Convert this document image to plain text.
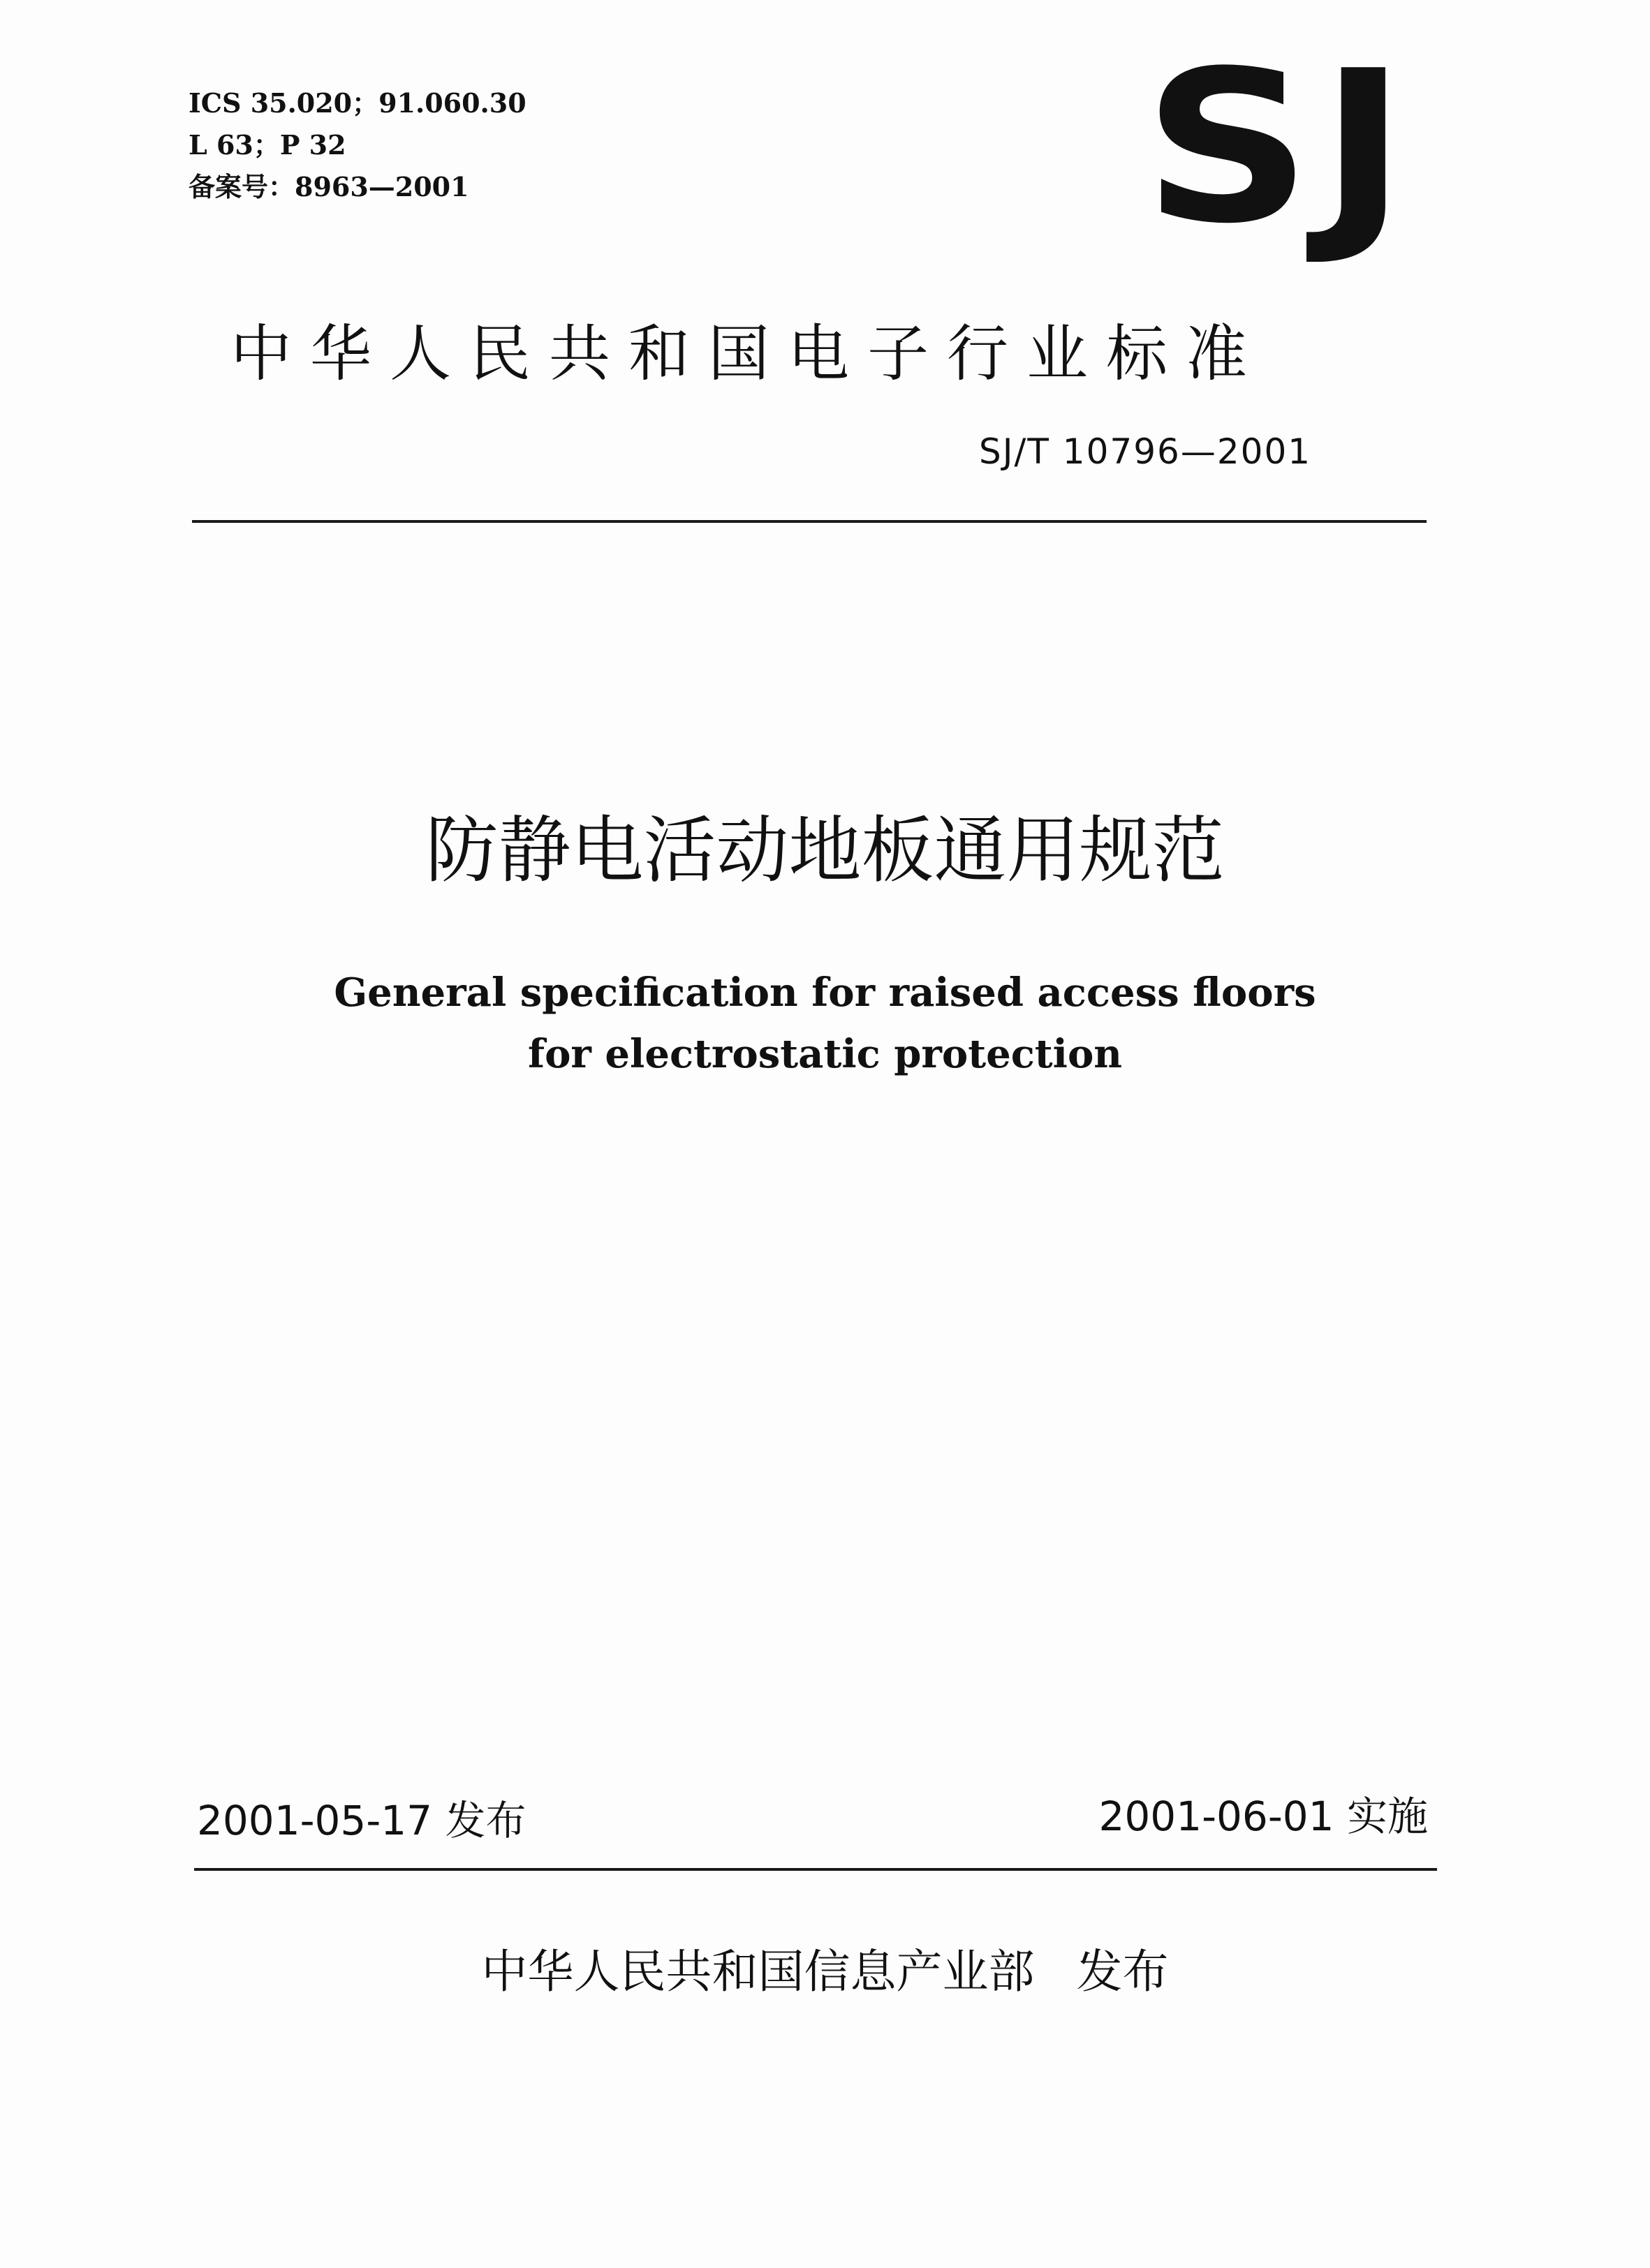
ICS 35.020；91.060.30
L 63；P 32
备案号：8963—2001	SJ
中华人民共和国电子行业标准
SJ/T 10796—2001
防静电活动地板通用规范
General specification for raised access floors
for electrostatic protection
2001-05-17 发布	2001-06-01 实施
中华人民共和国信息产业部 发布
